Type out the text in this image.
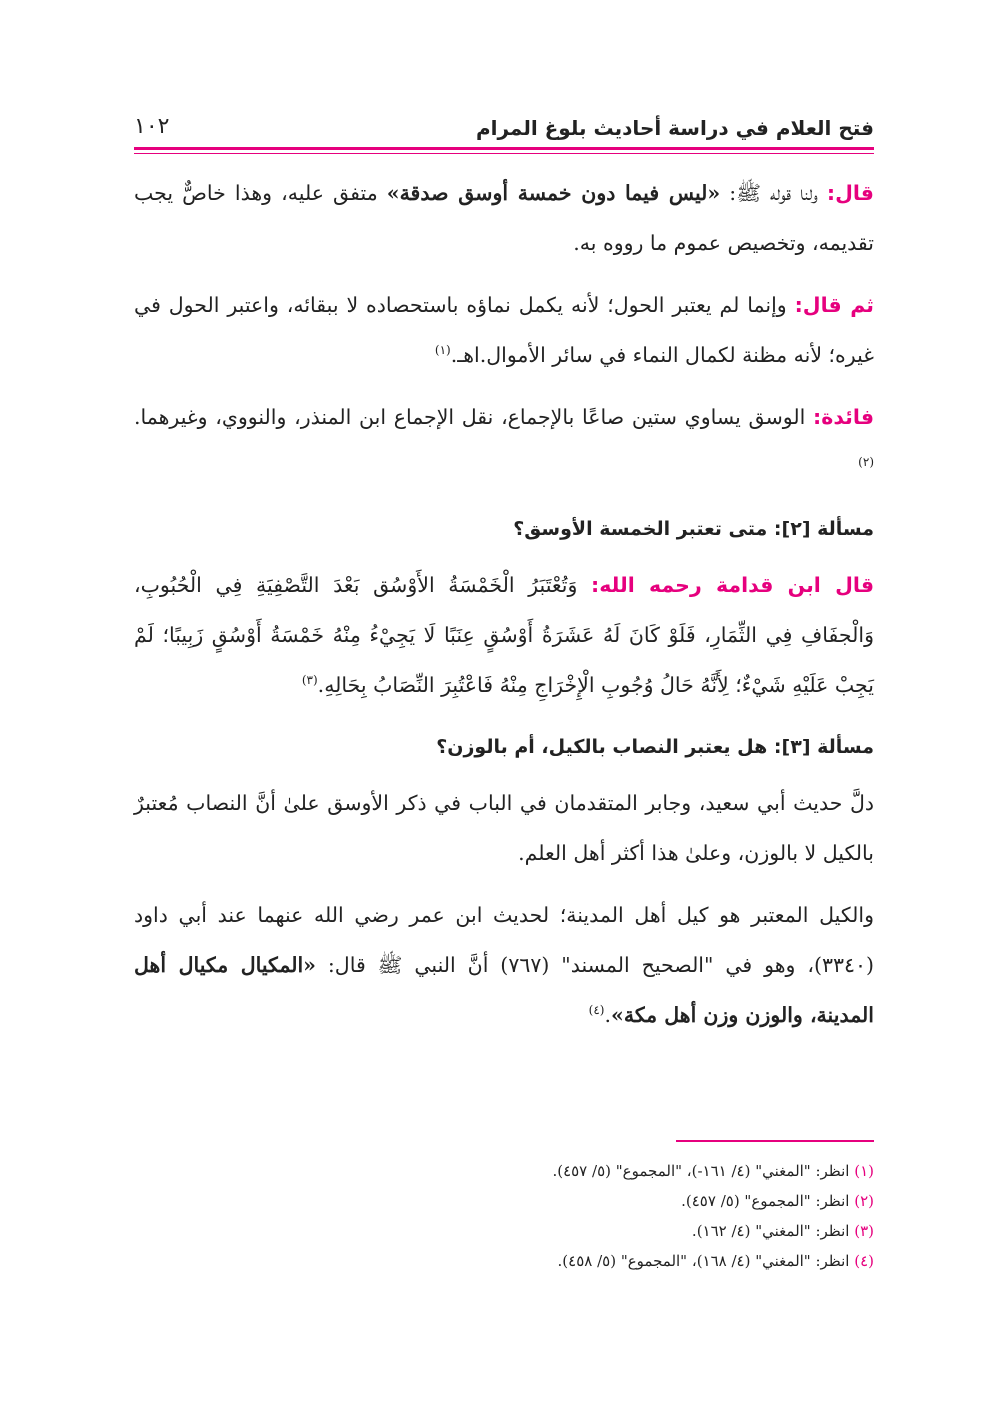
فتح العلام في دراسة أحاديث بلوغ المرام
١٠٢

قال: ولنا قوله ﷺ: «ليس فيما دون خمسة أوسق صدقة» متفق عليه، وهذا خاصٌّ يجب تقديمه، وتخصيص عموم ما رووه به.

ثم قال: وإنما لم يعتبر الحول؛ لأنه يكمل نماؤه باستحصاده لا ببقائه، واعتبر الحول في غيره؛ لأنه مظنة لكمال النماء في سائر الأموال.اهـ.$^{(١)}$

فائدة: الوسق يساوي ستين صاعًا بالإجماع، نقل الإجماع ابن المنذر، والنووي، وغيرهما.$^{(٢)}$

مسألة [٢]: متى تعتبر الخمسة الأوسق؟

قال ابن قدامة رحمه الله: وَتُعْتَبَرُ الْخَمْسَةُ الأَوْسُق بَعْدَ التَّصْفِيَةِ فِي الْحُبُوبِ، وَالْجفَافِ فِي الثِّمَارِ، فَلَوْ كَانَ لَهُ عَشَرَةُ أَوْسُقٍ عِنَبًا لَا يَجِيْءُ مِنْهُ خَمْسَةُ أَوْسُقٍ زَبِيبًا؛ لَمْ يَجِبْ عَلَيْهِ شَيْءٌ؛ لِأَنَّهُ حَالُ وُجُوبِ الْإِخْرَاجِ مِنْهُ فَاعْتُبِرَ النِّصَابُ بِحَالِهِ.$^{(٣)}$

مسألة [٣]: هل يعتبر النصاب بالكيل، أم بالوزن؟

دلَّ حديث أبي سعيد، وجابر المتقدمان في الباب في ذكر الأوسق علىٰ أنَّ النصاب مُعتبرٌ بالكيل لا بالوزن، وعلىٰ هذا أكثر أهل العلم.

والكيل المعتبر هو كيل أهل المدينة؛ لحديث ابن عمر رضي الله عنهما عند أبي داود (٣٣٤٠)، وهو في "الصحيح المسند" (٧٦٧) أنَّ النبي ﷺ قال: «المكيال مكيال أهل المدينة، والوزن وزن أهل مكة».$^{(٤)}$

(١) انظر: "المغني" (٤/ ١٦١-)، "المجموع" (٥/ ٤٥٧).

(٢) انظر: "المجموع" (٥/ ٤٥٧).

(٣) انظر: "المغني" (٤/ ١٦٢).

(٤) انظر: "المغني" (٤/ ١٦٨)، "المجموع" (٥/ ٤٥٨).
